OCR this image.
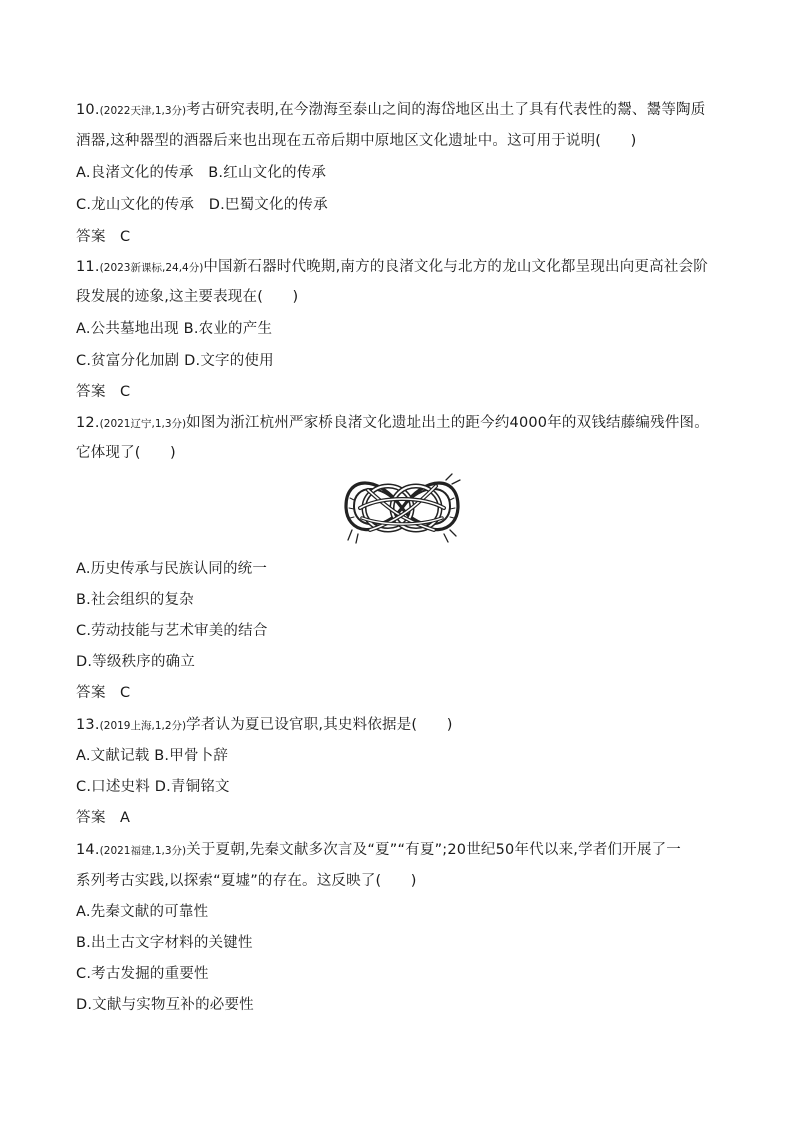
10.(2022天津,1,3分)考古研究表明,在今渤海至泰山之间的海岱地区出土了具有代表性的鬶、鬹等陶质
酒器,这种器型的酒器后来也出现在五帝后期中原地区文化遗址中。这可用于说明(　　)
A.良渚文化的传承　B.红山文化的传承
C.龙山文化的传承　D.巴蜀文化的传承
答案 C
11.(2023新课标,24,4分)中国新石器时代晚期,南方的良渚文化与北方的龙山文化都呈现出向更高社会阶
段发展的迹象,这主要表现在(　　)
A.公共墓地出现 B.农业的产生
C.贫富分化加剧 D.文字的使用
答案 C
12.(2021辽宁,1,3分)如图为浙江杭州严家桥良渚文化遗址出土的距今约4000年的双钱结藤编残件图。
它体现了(　　)
A.历史传承与民族认同的统一
B.社会组织的复杂
C.劳动技能与艺术审美的结合
D.等级秩序的确立
答案 C
13.(2019上海,1,2分)学者认为夏已设官职,其史料依据是(　　)
A.文献记载 B.甲骨卜辞
C.口述史料 D.青铜铭文
答案 A
14.(2021福建,1,3分)关于夏朝,先秦文献多次言及“夏”“有夏”;20世纪50年代以来,学者们开展了一
系列考古实践,以探索“夏墟”的存在。这反映了(　　)
A.先秦文献的可靠性
B.出土古文字材料的关键性
C.考古发掘的重要性
D.文献与实物互补的必要性
